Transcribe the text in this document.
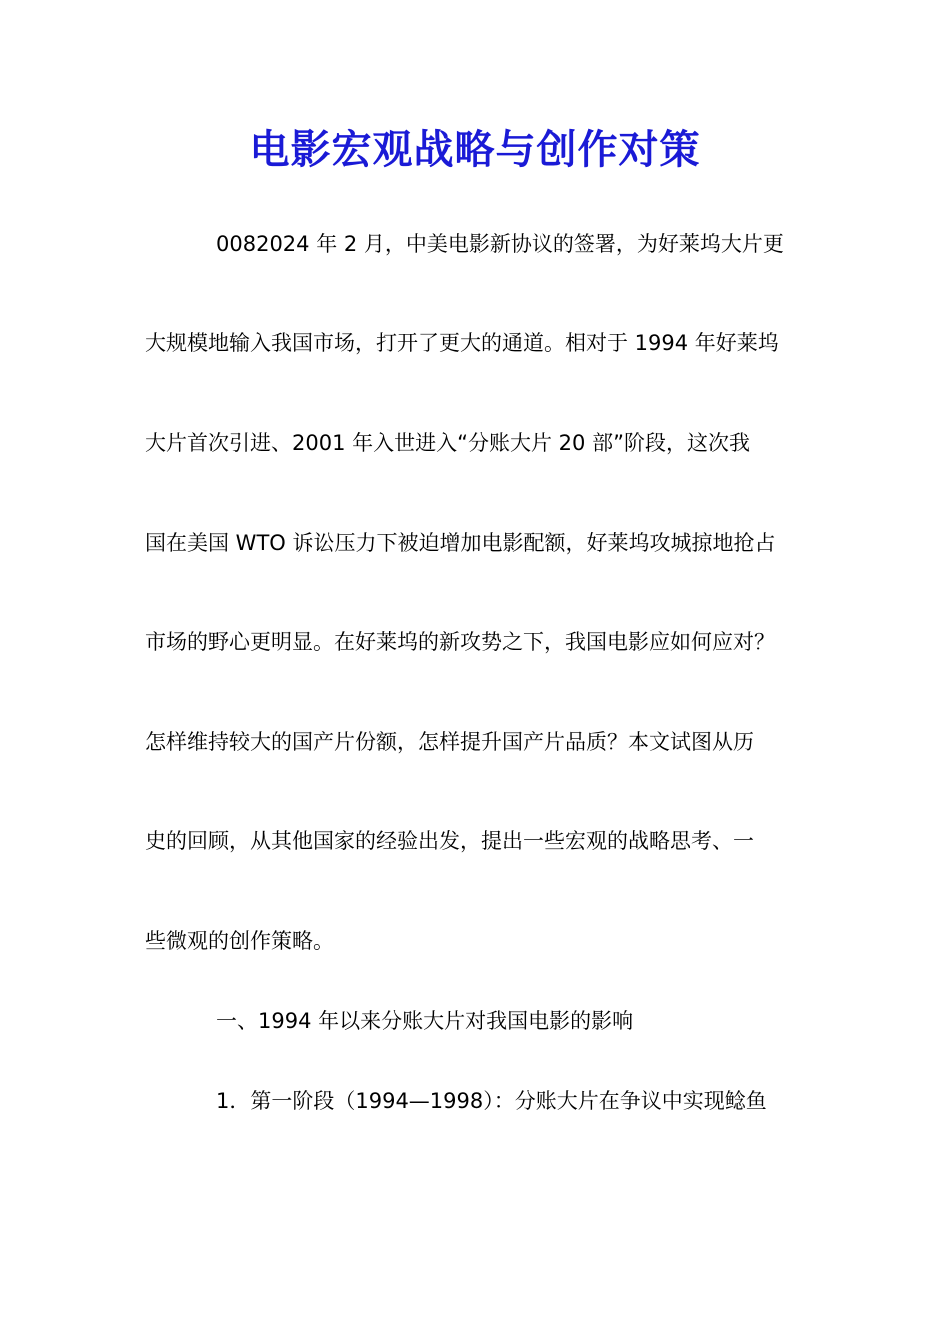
电影宏观战略与创作对策
0082024 年 2 月，中美电影新协议的签署，为好莱坞大片更
大规模地输入我国市场，打开了更大的通道。相对于 1994 年好莱坞
大片首次引进、2001 年入世进入“分账大片 20 部”阶段，这次我
国在美国 WTO 诉讼压力下被迫增加电影配额，好莱坞攻城掠地抢占
市场的野心更明显。在好莱坞的新攻势之下，我国电影应如何应对？
怎样维持较大的国产片份额，怎样提升国产片品质？本文试图从历
史的回顾，从其他国家的经验出发，提出一些宏观的战略思考、一
些微观的创作策略。
一、1994 年以来分账大片对我国电影的影响
1．第一阶段（1994—1998）：分账大片在争议中实现鲶鱼
